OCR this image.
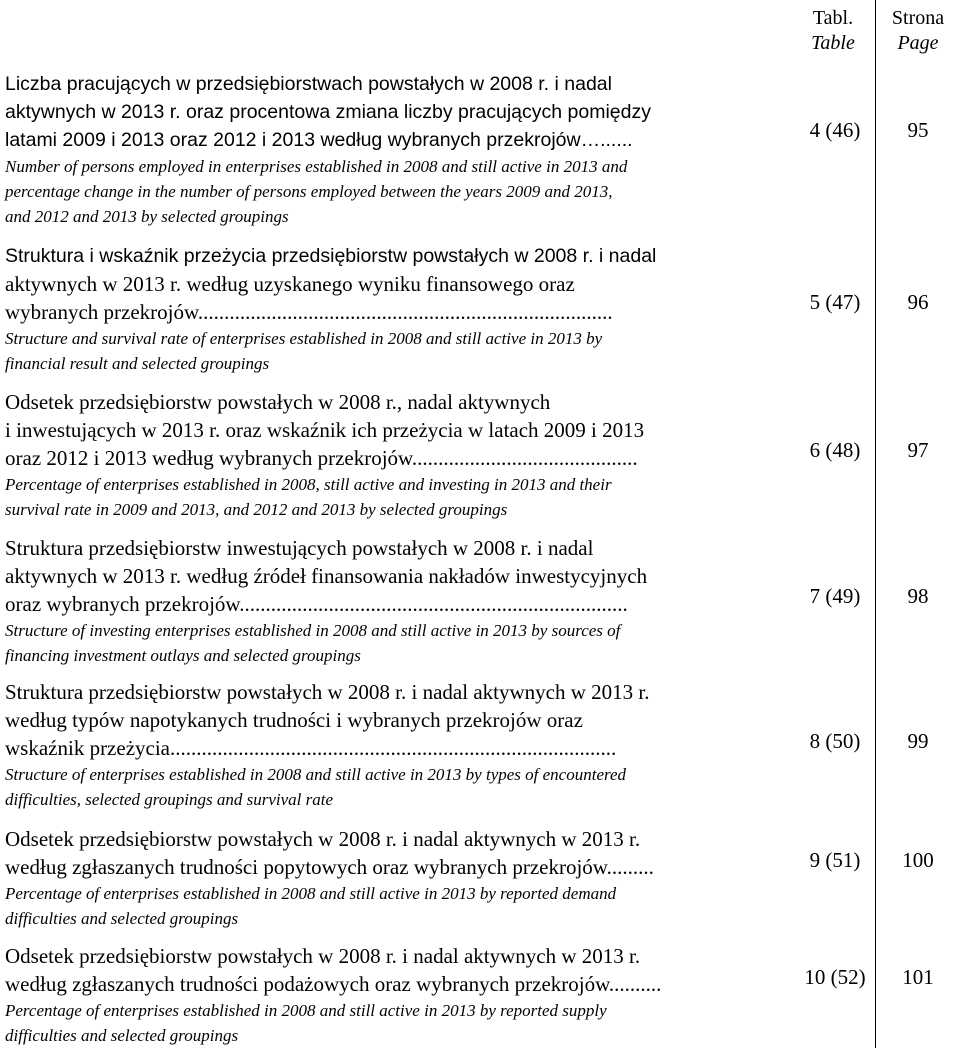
Tabl.
Table
Strona
Page
Liczba pracujących w przedsiębiorstwach powstałych w 2008 r. i nadal
aktywnych w 2013 r. oraz procentowa zmiana liczby pracujących pomiędzy
latami 2009 i 2013 oraz 2012 i 2013 według wybranych przekrojów…......
Number of persons employed in enterprises established in 2008 and still active in 2013 and
percentage change in the number of persons employed between the years 2009 and 2013,
and 2012 and 2013 by selected groupings
4 (46)	95
Struktura i wskaźnik przeżycia przedsiębiorstw powstałych w 2008 r. i nadal
aktywnych w 2013 r. według uzyskanego wyniku finansowego oraz
wybranych przekrojów...............................................................................
Structure and survival rate of enterprises established in 2008 and still active in 2013 by
financial result and selected groupings
5 (47)	96
Odsetek przedsiębiorstw powstałych w 2008 r., nadal aktywnych
i inwestujących w 2013 r. oraz wskaźnik ich przeżycia w latach 2009 i 2013
oraz 2012 i 2013 według wybranych przekrojów...........................................
Percentage of enterprises established in 2008, still active and investing in 2013 and their
survival rate in 2009 and 2013, and 2012 and 2013 by selected groupings
6 (48)	97
Struktura przedsiębiorstw inwestujących powstałych w 2008 r. i nadal
aktywnych w 2013 r. według źródeł finansowania nakładów inwestycyjnych
oraz wybranych przekrojów..........................................................................
Structure of investing enterprises established in 2008 and still active in 2013 by sources of
financing investment outlays and selected groupings
7 (49)	98
Struktura przedsiębiorstw powstałych w 2008 r. i nadal aktywnych w 2013 r.
według typów napotykanych trudności i wybranych przekrojów oraz
wskaźnik przeżycia.....................................................................................
Structure of enterprises established in 2008 and still active in 2013 by types of encountered
difficulties, selected groupings and survival rate
8 (50)	99
Odsetek przedsiębiorstw powstałych w 2008 r. i nadal aktywnych w 2013 r.
według zgłaszanych trudności popytowych oraz wybranych przekrojów.........
Percentage of enterprises established in 2008 and still active in 2013 by reported demand
difficulties and selected groupings
9 (51)	100
Odsetek przedsiębiorstw powstałych w 2008 r. i nadal aktywnych w 2013 r.
według zgłaszanych trudności podażowych oraz wybranych przekrojów..........
Percentage of enterprises established in 2008 and still active in 2013 by reported supply
difficulties and selected groupings
10 (52)	101
